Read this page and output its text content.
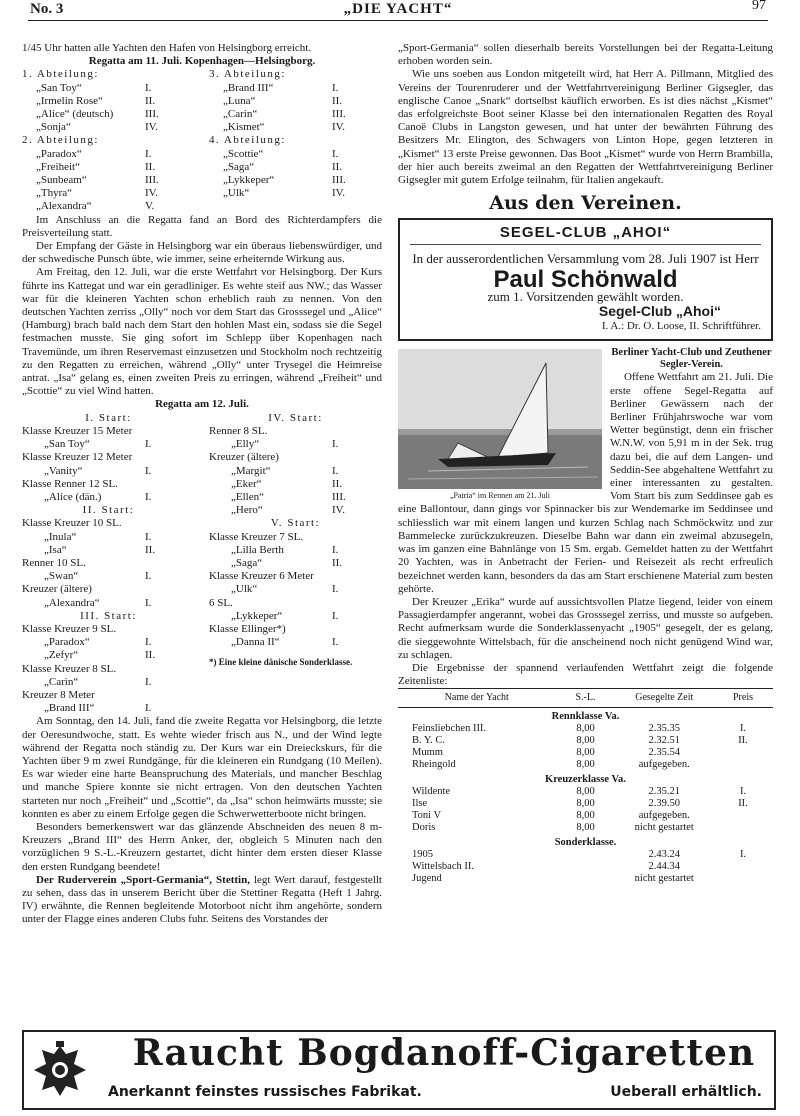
No. 3	„DIE YACHT“	97

1/45 Uhr hatten alle Yachten den Hafen von Helsingborg erreicht.

Regatta am 11. Juli. Kopenhagen—Helsingborg.

1. Abteilung:
„San Toy“	I.
„Irmelin Rose“	II.
„Alice“ (deutsch)	III.
„Sonja“	IV.
3. Abteilung:
„Brand III“	I.
„Luna“	II.
„Carin“	III.
„Kismet“	IV.
2. Abteilung:
„Paradox“	I.
„Freiheit“	II.
„Sunbeam“	III.
„Thyra“	IV.
„Alexandra“	V.
4. Abteilung:
„Scottie“	I.
„Saga“	II.
„Lykkeper“	III.
„Ulk“	IV.

Im Anschluss an die Regatta fand an Bord des Richterdampfers die Preisverteilung statt.

Der Empfang der Gäste in Helsingborg war ein überaus liebenswürdiger, und der schwedische Punsch übte, wie immer, seine erheiternde Wirkung aus.

Am Freitag, den 12. Juli, war die erste Wettfahrt vor Helsingborg. Der Kurs führte ins Kattegat und war ein geradliniger. Es wehte steif aus NW.; das Wasser war für die kleineren Yachten schon erheblich rauh zu nennen. Von den deutschen Yachten zerriss „Olly“ noch vor dem Start das Grosssegel und „Alice“ (Hamburg) brach bald nach dem Start den hohlen Mast ein, sodass sie die Segel festmachen musste. Sie ging sofort im Schlepp über Kopenhagen nach Travemünde, um ihren Reservemast einzusetzen und Stockholm noch rechtzeitig zu den Regatten zu erreichen, während „Olly“ unter Trysegel die Heimreise antrat. „Isa“ gelang es, einen zweiten Preis zu erringen, während „Freiheit“ und „Scottie“ zu viel Wind hatten.

Regatta am 12. Juli.

I. Start:
Klasse Kreuzer 15 Meter
„San Toy“	I.
Klasse Kreuzer 12 Meter
„Vanity“	I.
Klasse Renner 12 SL.
„Alice (dän.)	I.
II. Start:
Klasse Kreuzer 10 SL.
„Inula“	I.
„Isa“	II.
Renner 10 SL.
„Swan“	I.
Kreuzer (ältere)
„Alexandra“	I.
III. Start:
Klasse Kreuzer 9 SL.
„Paradox“	I.
„Zefyr“	II.
Klasse Kreuzer 8 SL.
„Carin“	I.
Kreuzer 8 Meter
„Brand III“	I.
IV. Start:
Renner 8 SL.
„Elly“	I.
Kreuzer (ältere)
„Margit“	I.
„Eker“	II.
„Ellen“	III.
„Hero“	IV.
V. Start:
Klasse Kreuzer 7 SL.
„Lilla Berth	I.
„Saga“	II.
Klasse Kreuzer 6 Meter
„Ulk“	I.
6 SL.
„Lykkeper“	I.
Klasse Ellinger*)
„Danna II“	I.
*) Eine kleine dänische Sonderklasse.

Am Sonntag, den 14. Juli, fand die zweite Regatta vor Helsingborg, die letzte der Oeresundwoche, statt. Es wehte wieder frisch aus N., und der Wind legte während der Regatta noch ständig zu. Der Kurs war ein Dreieckskurs, für die Yachten über 9 m zwei Rundgänge, für die kleineren ein Rundgang (10 Meilen). Es war wieder eine harte Beanspruchung des Materials, und mancher Beschlag und manche Spiere konnte sie nicht ertragen. Von den deutschen Yachten starteten nur noch „Freiheit“ und „Scottie“, da „Isa“ schon heimwärts musste; sie konnten es aber zu einem Erfolge gegen die Schwerwetterboote nicht bringen.

Besonders bemerkenswert war das glänzende Abschneiden des neuen 8 m-Kreuzers „Brand III“ des Herrn Anker, der, obgleich 5 Minuten nach den vorzüglichen 9 S.-L.-Kreuzern gestartet, dicht hinter dem ersten dieser Klasse den ersten Rundgang beendete!

Der Ruderverein „Sport-Germania“, Stettin, legt Wert darauf, festgestellt zu sehen, dass das in unserem Bericht über die Stettiner Regatta (Heft 1 Jahrg. IV) erwähnte, die Rennen begleitende Motorboot nicht ihm angehörte, sondern unter der Flagge eines anderen Clubs fuhr. Seitens des Vorstandes der

„Sport-Germania“ sollen dieserhalb bereits Vorstellungen bei der Regatta-Leitung erhoben worden sein.

Wie uns soeben aus London mitgeteilt wird, hat Herr A. Pillmann, Mitglied des Vereins der Tourenruderer und der Wettfahrtvereinigung Berliner Gigsegler, das englische Canoe „Snark“ dortselbst käuflich erworben. Es ist dies nächst „Kismet“ das erfolgreichste Boot seiner Klasse bei den internationalen Regatten des Royal Canoë Clubs in Langston gewesen, und hat unter der bewährten Führung des Besitzers Mr. Elington, des Schwagers von Linton Hope, gegen letzteren in „Kismet“ 13 erste Preise gewonnen. Das Boot „Kismet“ wurde von Herrn Brambilla, der hier auch bereits zweimal an den Regatten der Wettfahrtvereinigung Berliner Gigsegler mit gutem Erfolge teilnahm, für Italien angekauft.

Aus den Vereinen.
SEGEL-CLUB „AHOI“
In der ausserordentlichen Versammlung vom 28. Juli 1907 ist Herr
Paul Schönwald
zum 1. Vorsitzenden gewählt worden.
Segel-Club „Ahoi“
I. A.: Dr. O. Loose, II. Schriftführer.
„Patria“ im Rennen am 21. Juli
Berliner Yacht-Club und Zeuthener Segler-Verein.

Offene Wettfahrt am 21. Juli. Die erste offene Segel-Regatta auf Berliner Gewässern nach der Berliner Frühjahrswoche war vom Wetter begünstigt, denn ein frischer W.N.W. von 5,91 m in der Sek. trug dazu bei, die auf dem Langen- und Seddin-See abgehaltene Wettfahrt zu einer interessanten zu gestalten. Vom Start bis zum Seddinsee gab es eine Ballontour, dann gings vor Spinnacker bis zur Wendemarke im Seddinsee und schliesslich war mit einem langen und kurzen Schlag nach Schmöckwitz und zur Bammelecke zurückzukreuzen. Dieselbe Bahn war dann ein zweimal abzusegeln, was im ganzen eine Bahnlänge von 15 Sm. ergab. Gemeldet hatten zu der Wettfahrt 20 Yachten, was in Anbetracht der Ferien- und Reisezeit als recht erfreulich bezeichnet werden kann, besonders da das am Start erschienene Material zum besten gehörte.

Der Kreuzer „Erika“ wurde auf aussichtsvollen Platze liegend, leider von einem Passagierdampfer angerannt, wobei das Grosssegel zerriss, und musste so aufgeben. Recht aufmerksam wurde die Sonderklassenyacht „1905“ gesegelt, der es gelang, die sieggewohnte Wittelsbach, für die anscheinend noch nicht genügend Wind war, zu schlagen.

Die Ergebnisse der spannend verlaufenden Wettfahrt zeigt die folgende Zeitenliste:

Name der Yacht	S.-L.	Gesegelte Zeit	Preis
Rennklasse Va.			
Feinsliebchen III.	8,00	2.35.35	I.
B. Y. C.	8,00	2.32.51	II.
Mumm	8,00	2.35.54	
Rheingold	8,00	aufgegeben.	
Kreuzerklasse Va.			
Wildente	8,00	2.35.21	I.
Ilse	8,00	2.39.50	II.
Toni V	8,00	aufgegeben.	
Doris	8,00	nicht gestartet	
Sonderklasse.			
1905		2.43.24	I.
Wittelsbach II.		2.44.34	
Jugend		nicht gestartet	
Raucht Bogdanoff-Cigaretten
Anerkannt feinstes russisches Fabrikat.	Ueberall erhältlich.
